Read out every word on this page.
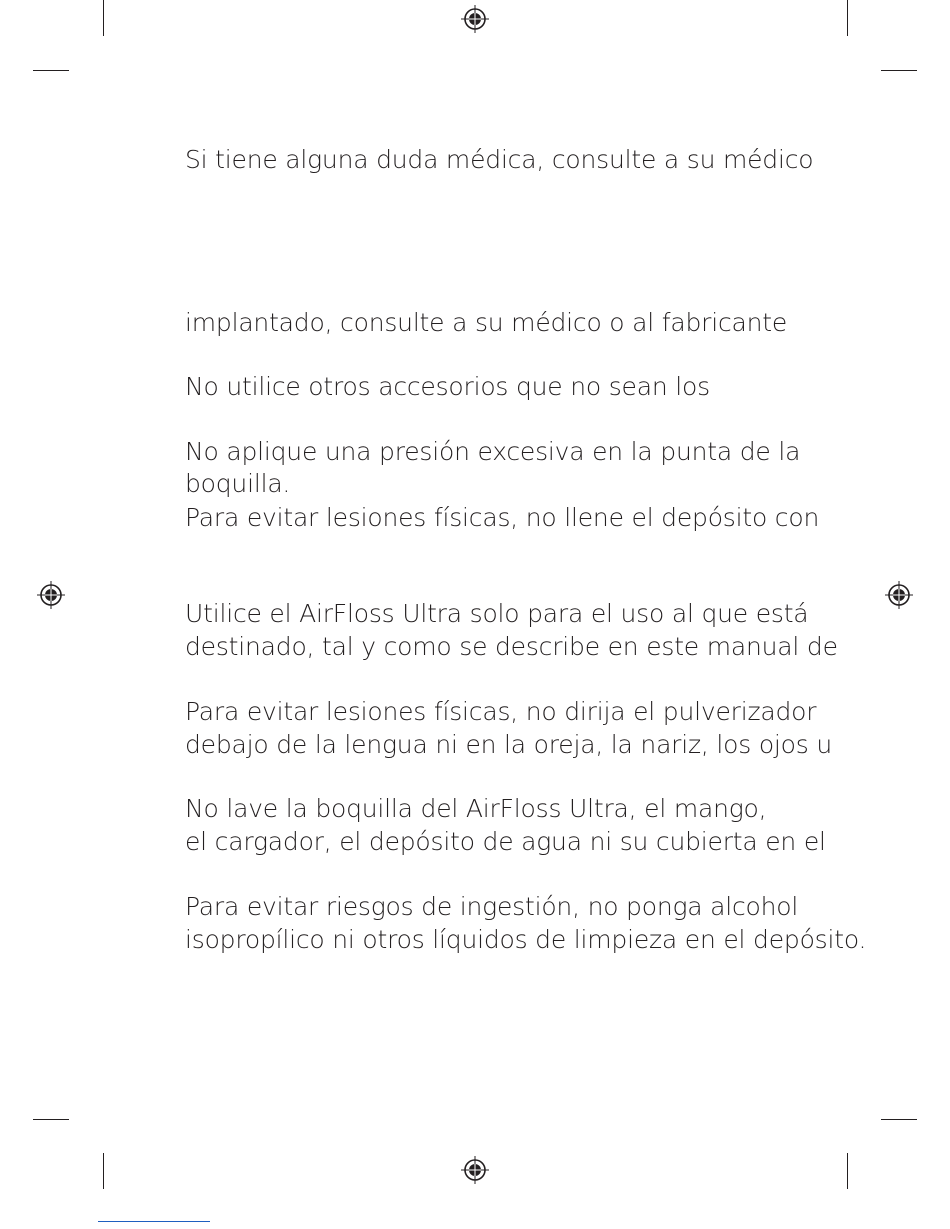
Si tiene alguna duda médica, consulte a su médico

implantado, consulte a su médico o al fabricante

No utilice otros accesorios que no sean los

No aplique una presión excesiva en la punta de la

boquilla.

Para evitar lesiones físicas, no llene el depósito con

Utilice el AirFloss Ultra solo para el uso al que está

destinado, tal y como se describe en este manual de

Para evitar lesiones físicas, no dirija el pulverizador

debajo de la lengua ni en la oreja, la nariz, los ojos u

No lave la boquilla del AirFloss Ultra, el mango,

el cargador, el depósito de agua ni su cubierta en el

Para evitar riesgos de ingestión, no ponga alcohol

isopropílico ni otros líquidos de limpieza en el depósito.
